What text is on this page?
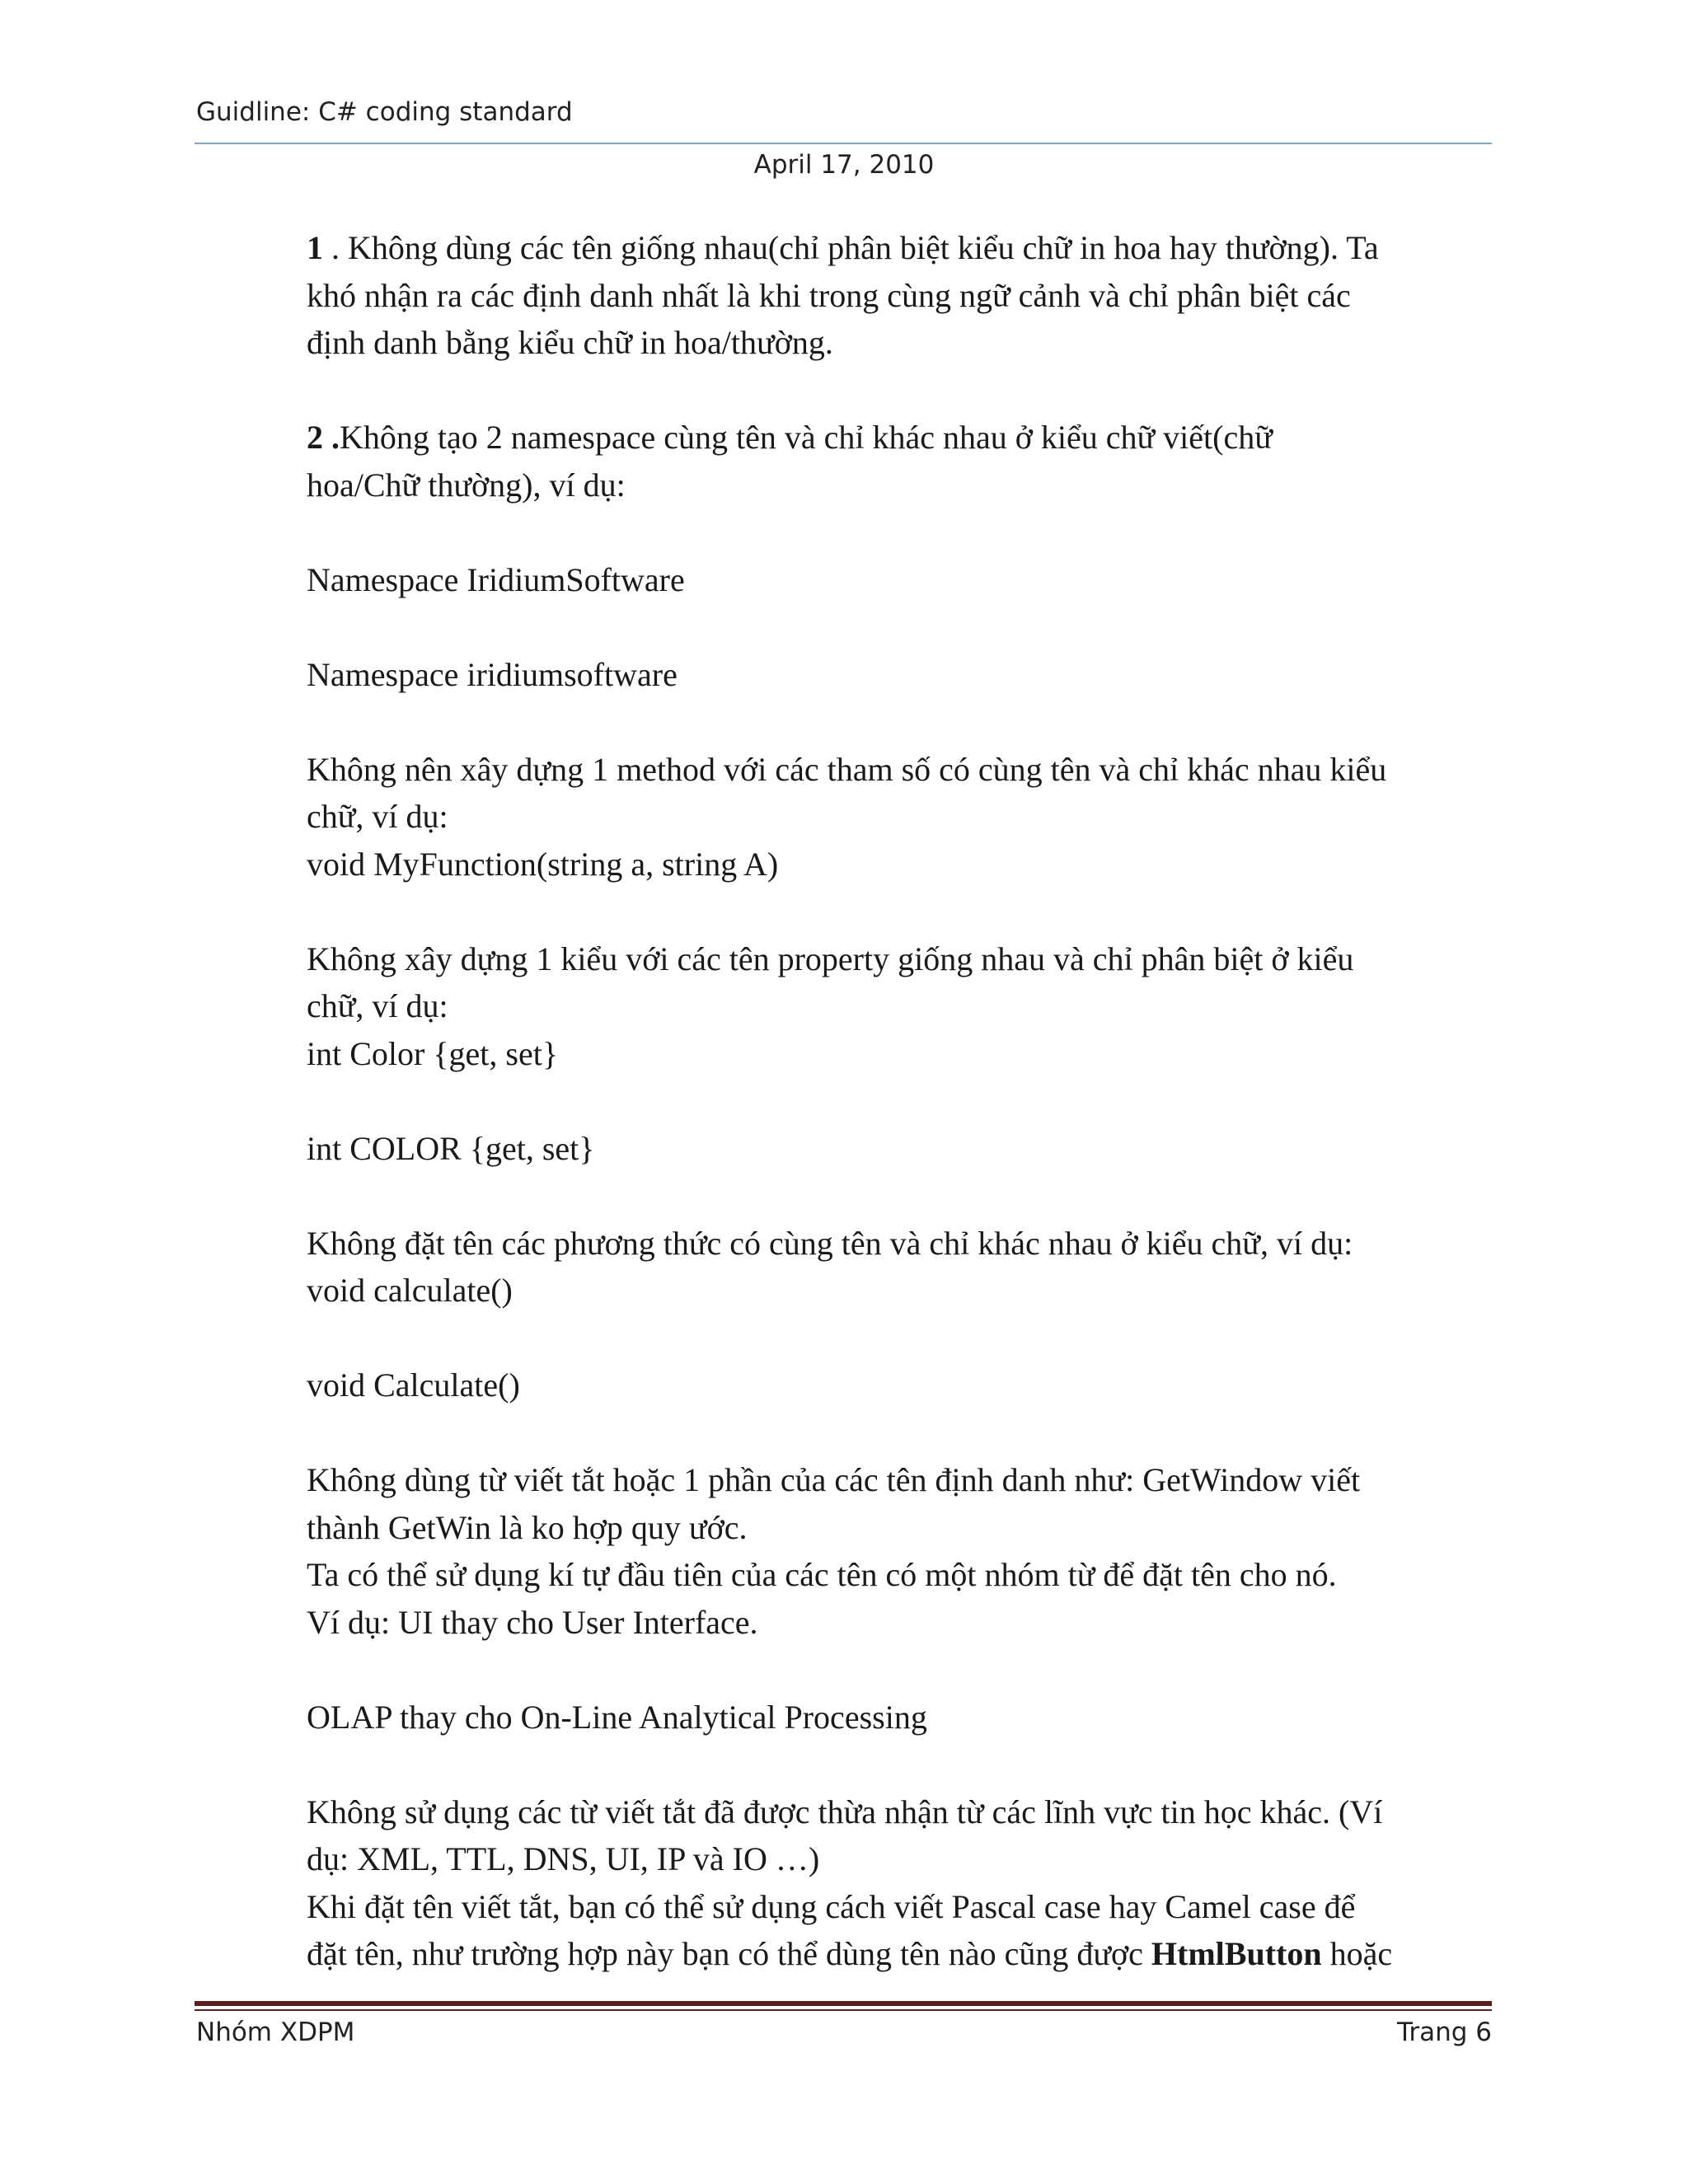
Guidline: C# coding standard
April 17, 2010

1 . Không dùng các tên giống nhau(chỉ phân biệt kiểu chữ in hoa hay thường). Ta

khó nhận ra các định danh nhất là khi trong cùng ngữ cảnh và chỉ phân biệt các

định danh bằng kiểu chữ in hoa/thường.

2 .Không tạo 2 namespace cùng tên và chỉ khác nhau ở kiểu chữ viết(chữ

hoa/Chữ thường), ví dụ:

Namespace IridiumSoftware

Namespace iridiumsoftware

Không nên xây dựng 1 method với các tham số có cùng tên và chỉ khác nhau kiểu

chữ, ví dụ:

void MyFunction(string a, string A)

Không xây dựng 1 kiểu với các tên property giống nhau và chỉ phân biệt ở kiểu

chữ, ví dụ:

int Color {get, set}

int COLOR {get, set}

Không đặt tên các phương thức có cùng tên và chỉ khác nhau ở kiểu chữ, ví dụ:

void calculate()

void Calculate()

Không dùng từ viết tắt hoặc 1 phần của các tên định danh như: GetWindow viết

thành GetWin là ko hợp quy ước.

Ta có thể sử dụng kí tự đầu tiên của các tên có một nhóm từ để đặt tên cho nó.

Ví dụ: UI thay cho User Interface.

OLAP thay cho On-Line Analytical Processing

Không sử dụng các từ viết tắt đã được thừa nhận từ các lĩnh vực tin học khác. (Ví

dụ: XML, TTL, DNS, UI, IP và IO …)

Khi đặt tên viết tắt, bạn có thể sử dụng cách viết Pascal case hay Camel case để

đặt tên, như trường hợp này bạn có thể dùng tên nào cũng được HtmlButton hoặc

Nhóm XDPM	Trang 6
